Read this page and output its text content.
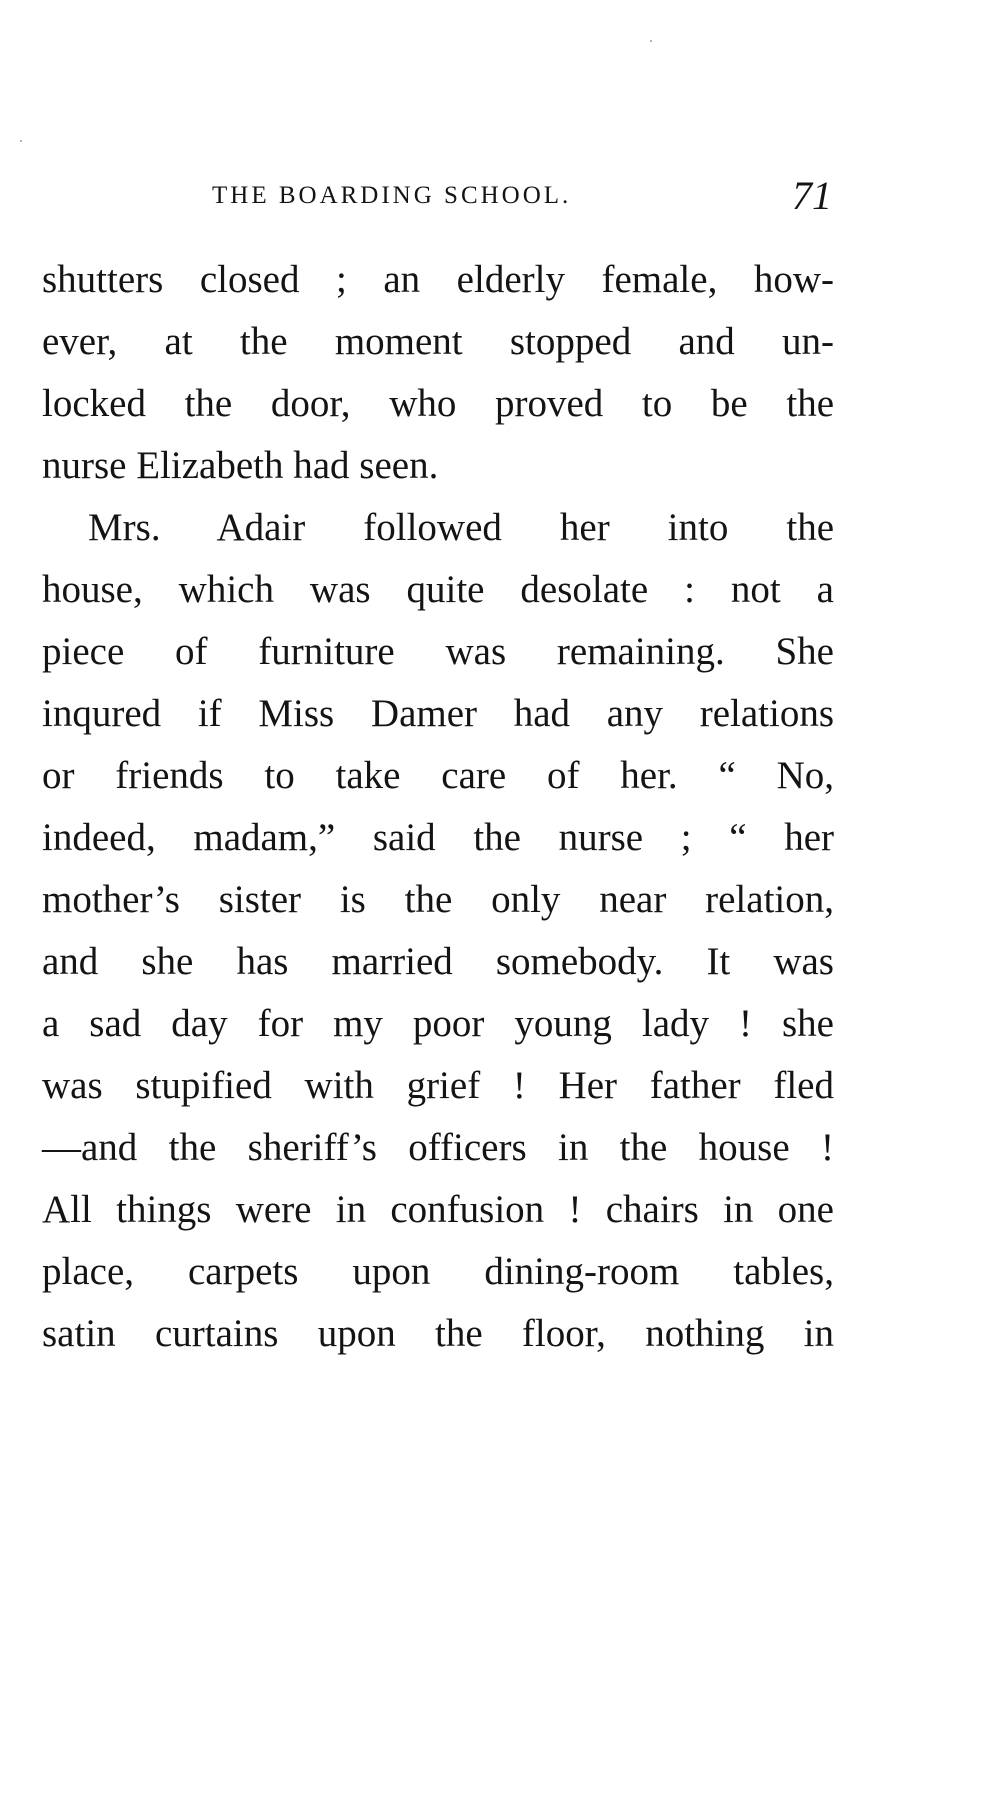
THE BOARDING SCHOOL.	71
shutters closed ; an elderly female, how-
ever, at the moment stopped and un-
locked the door, who proved to be the
nurse Elizabeth had seen.
Mrs. Adair followed her into the
house, which was quite desolate : not a
piece of furniture was remaining. She
inqured if Miss Damer had any relations
or friends to take care of her. “ No,
indeed, madam,” said the nurse ; “ her
mother’s sister is the only near relation,
and she has married somebody. It was
a sad day for my poor young lady ! she
was stupified with grief ! Her father fled
—and the sheriff’s officers in the house !
All things were in confusion ! chairs in one
place, carpets upon dining-room tables,
satin curtains upon the floor, nothing in
